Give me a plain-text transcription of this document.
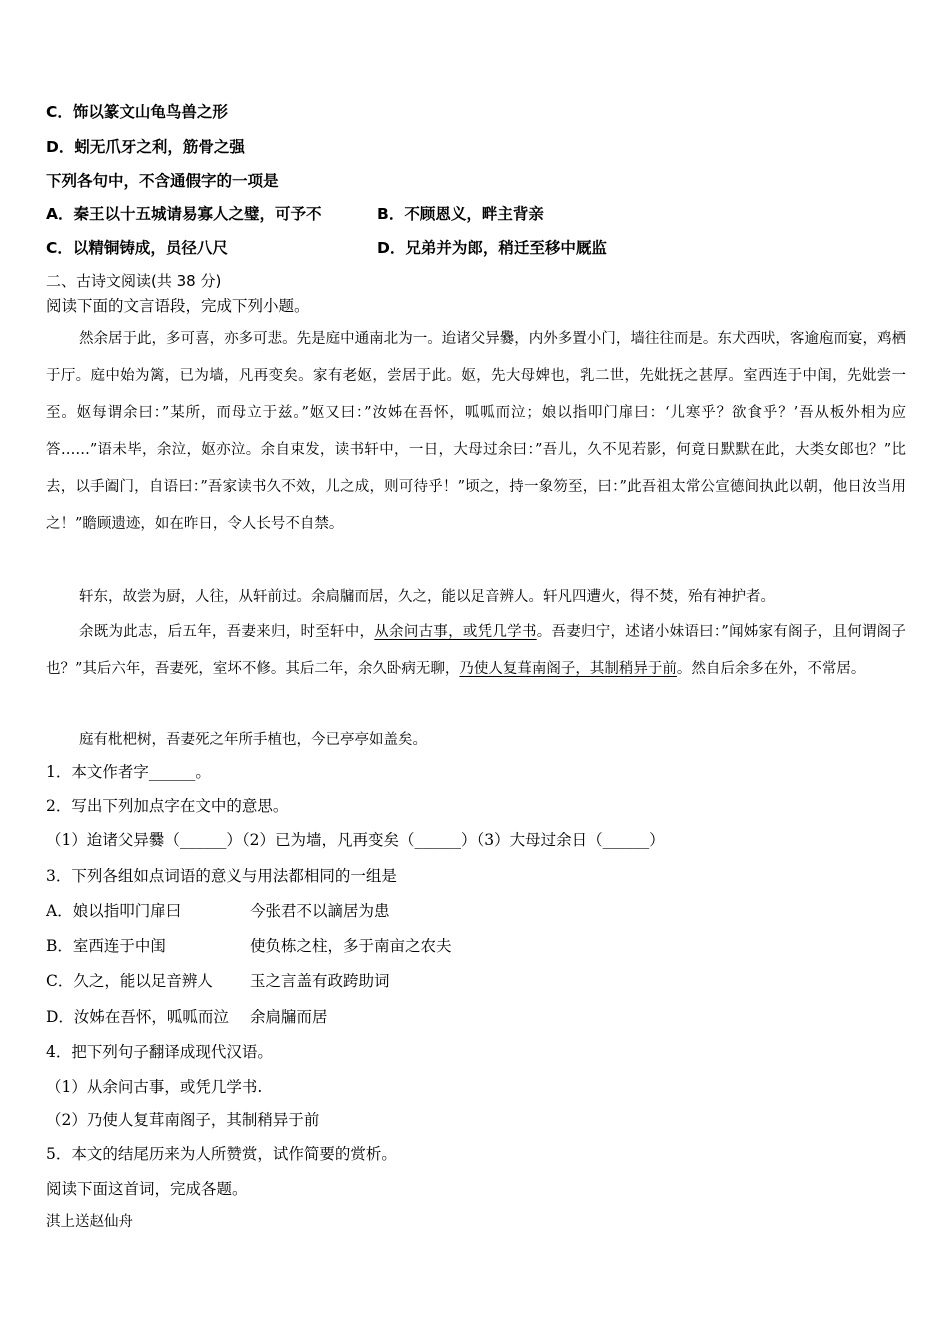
C．饰以篆文山龟鸟兽之形
D．蚓无爪牙之利，筋骨之强
下列各句中，不含通假字的一项是
A．秦王以十五城请易寡人之璧，可予不	B．不顾恩义，畔主背亲
C．以精铜铸成，员径八尺	D．兄弟并为郎，稍迁至移中厩监
二、古诗文阅读(共 38 分)
阅读下面的文言语段，完成下列小题。
然余居于此，多可喜，亦多可悲。先是庭中通南北为一。迨诸父异爨，内外多置小门，墙往往而是。东犬西吠，客逾庖而宴，鸡栖于厅。庭中始为篱，已为墙，凡再变矣。家有老妪，尝居于此。妪，先大母婢也，乳二世，先妣抚之甚厚。室西连于中闺，先妣尝一至。妪每谓余曰：”某所，而母立于兹。”妪又曰：”汝姊在吾怀，呱呱而泣；娘以指叩门扉曰：‘儿寒乎？欲食乎？’吾从板外相为应答……”语未毕，余泣，妪亦泣。余自束发，读书轩中，一日，大母过余曰：”吾儿，久不见若影，何竟日默默在此，大类女郎也？”比去，以手阖门，自语曰：”吾家读书久不效，儿之成，则可待乎！”顷之，持一象笏至，曰：”此吾祖太常公宣德间执此以朝，他日汝当用之！”瞻顾遗迹，如在昨日，令人长号不自禁。
轩东，故尝为厨，人往，从轩前过。余扃牖而居，久之，能以足音辨人。轩凡四遭火，得不焚，殆有神护者。
余既为此志，后五年，吾妻来归，时至轩中，从余问古事，或凭几学书。吾妻归宁，述诸小妹语曰：”闻姊家有阁子，且何谓阁子也？”其后六年，吾妻死，室坏不修。其后二年，余久卧病无聊，乃使人复葺南阁子，其制稍异于前。然自后余多在外，不常居。
庭有枇杷树，吾妻死之年所手植也，今已亭亭如盖矣。
1．本文作者字______。
2．写出下列加点字在文中的意思。
（1）迨诸父异爨（______）（2）已为墙，凡再变矣（______）（3）大母过余日（______）
3．下列各组如点词语的意义与用法都相同的一组是
A．娘以指叩门扉曰	今张君不以謫居为患
B．室西连于中闺	使负栋之柱，多于南亩之农夫
C．久之，能以足音辨人 玉之言盖有政跨助词
D．汝姊在吾怀，呱呱而泣 余扃牖而居
4．把下列句子翻译成现代汉语。
（1）从余问古事，或凭几学书.
（2）乃使人复茸南阁子，其制稍异于前
5．本文的结尾历来为人所赞赏，试作简要的赏析。
阅读下面这首词，完成各题。
淇上送赵仙舟
